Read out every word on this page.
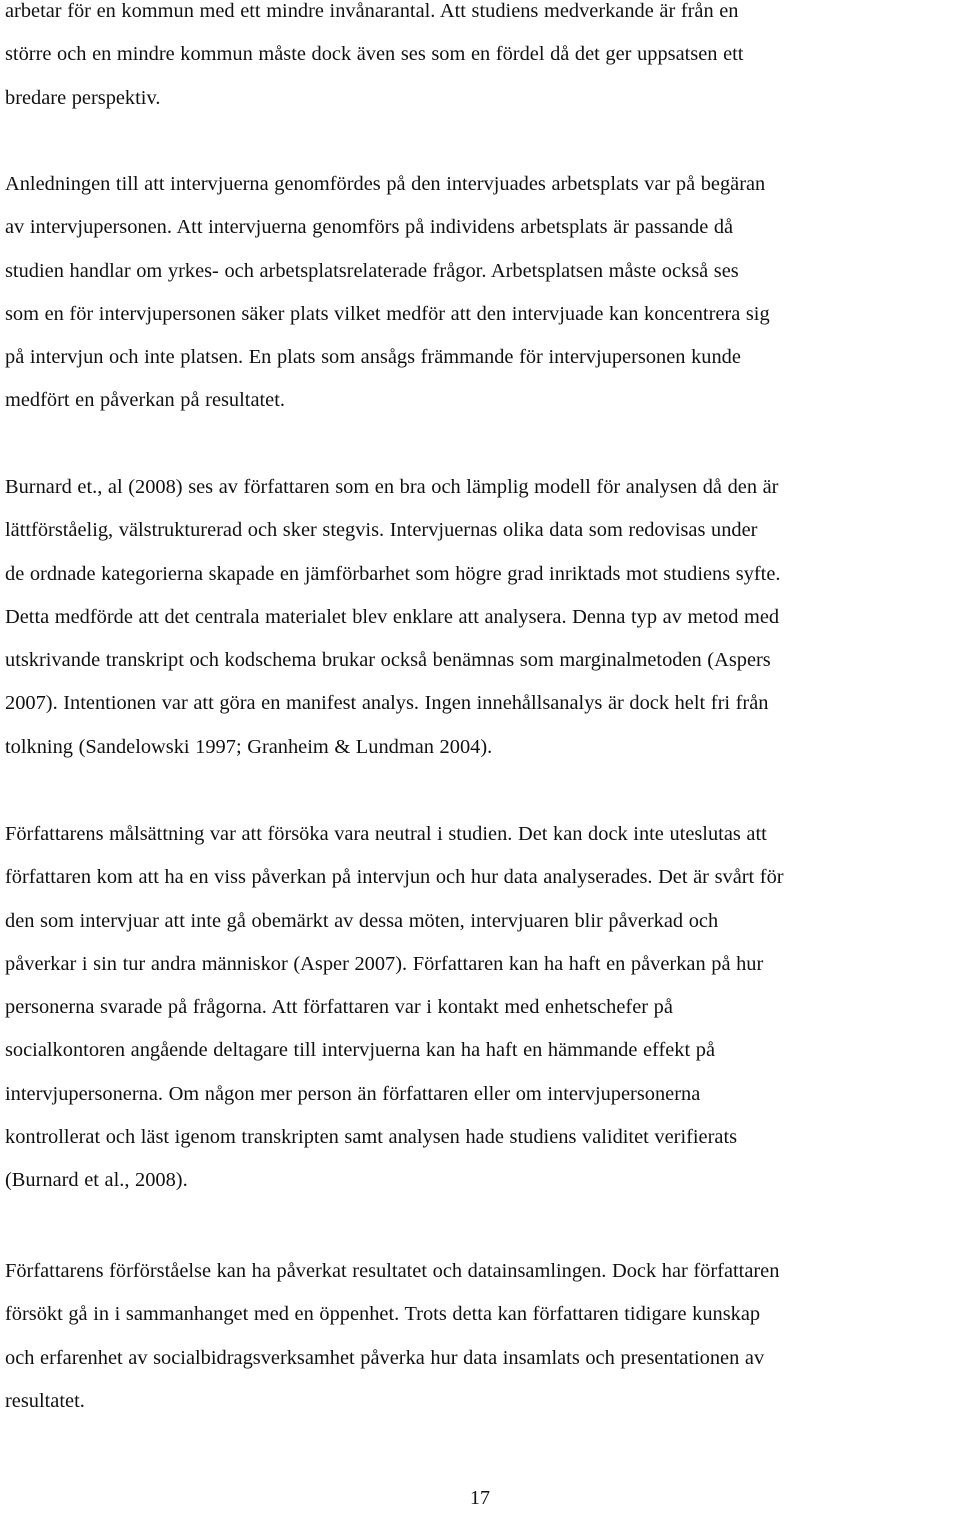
arbetar för en kommun med ett mindre invånarantal. Att studiens medverkande är från en
större och en mindre kommun måste dock även ses som en fördel då det ger uppsatsen ett
bredare perspektiv.

Anledningen till att intervjuerna genomfördes på den intervjuades arbetsplats var på begäran
av intervjupersonen. Att intervjuerna genomförs på individens arbetsplats är passande då
studien handlar om yrkes- och arbetsplatsrelaterade frågor. Arbetsplatsen måste också ses
som en för intervjupersonen säker plats vilket medför att den intervjuade kan koncentrera sig
på intervjun och inte platsen. En plats som ansågs främmande för intervjupersonen kunde
medfört en påverkan på resultatet.

Burnard et., al (2008) ses av författaren som en bra och lämplig modell för analysen då den är
lättförståelig, välstrukturerad och sker stegvis. Intervjuernas olika data som redovisas under
de ordnade kategorierna skapade en jämförbarhet som högre grad inriktads mot studiens syfte.
Detta medförde att det centrala materialet blev enklare att analysera. Denna typ av metod med
utskrivande transkript och kodschema brukar också benämnas som marginalmetoden (Aspers
2007). Intentionen var att göra en manifest analys. Ingen innehållsanalys är dock helt fri från
tolkning (Sandelowski 1997; Granheim & Lundman 2004).

Författarens målsättning var att försöka vara neutral i studien. Det kan dock inte uteslutas att
författaren kom att ha en viss påverkan på intervjun och hur data analyserades. Det är svårt för
den som intervjuar att inte gå obemärkt av dessa möten, intervjuaren blir påverkad och
påverkar i sin tur andra människor (Asper 2007). Författaren kan ha haft en påverkan på hur
personerna svarade på frågorna. Att författaren var i kontakt med enhetschefer på
socialkontoren angående deltagare till intervjuerna kan ha haft en hämmande effekt på
intervjupersonerna. Om någon mer person än författaren eller om intervjupersonerna
kontrollerat och läst igenom transkripten samt analysen hade studiens validitet verifierats
(Burnard et al., 2008).

Författarens förförståelse kan ha påverkat resultatet och datainsamlingen. Dock har författaren
försökt gå in i sammanhanget med en öppenhet. Trots detta kan författaren tidigare kunskap
och erfarenhet av socialbidragsverksamhet påverka hur data insamlats och presentationen av
resultatet.

17
